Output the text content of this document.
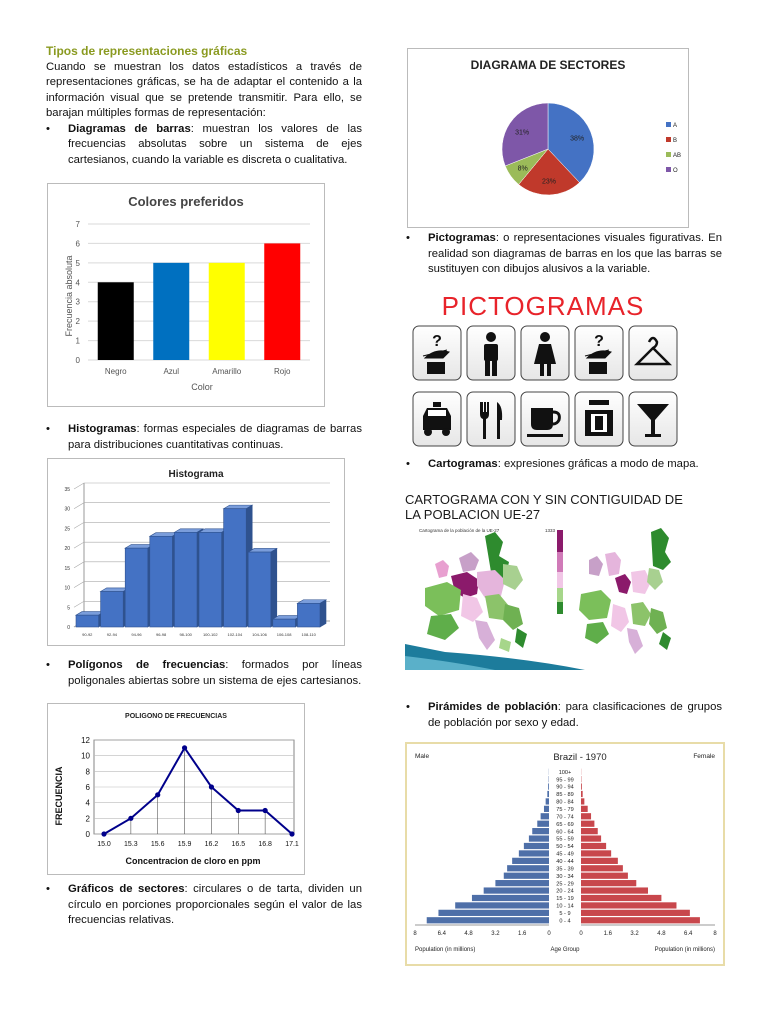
Tipos de representaciones gráficas
Cuando se muestran los datos estadísticos a través de representaciones gráficas, se ha de adaptar el contenido a la información visual que se pretende transmitir. Para ello, se barajan múltiples formas de representación:
•	Diagramas de barras: muestran los valores de las frecuencias absolutas sobre un sistema de ejes cartesianos, cuando la variable es discreta o cualitativa.
Colores preferidos
Negro	Azul	Amarillo	Rojo
0
1
2
3
4
5
6
7
Color
Frecuencia absoluta
•	Histogramas: formas especiales de diagramas de barras para distribuciones cuantitativas continuas.
Histograma
0
5
10
15
20
25
30
35
90-92	92-94	94-96	96-98	98-100	100-102 102-104 104-106 106-108	108-110
•	Polígonos de frecuencias: formados por líneas poligonales abiertas sobre un sistema de ejes cartesianos.
POLIGONO DE FRECUENCIAS
0
2
4
6
8
10
12
15.0 15.3 15.6 15.9 16.2 16.5 16.8 17.1
FRECUENCIA
Concentracion de cloro en ppm
•	Gráficos de sectores: circulares o de tarta, dividen un círculo en porciones proporcionales según el valor de las frecuencias relativas.
DIAGRAMA DE SECTORES
38%
23%
8%
31%
A
B
AB
O
•	Pictogramas: o representaciones visuales figurativas. En realidad son diagramas de barras en los que las barras se sustituyen con dibujos alusivos a la variable.
PICTOGRAMAS
?	?
•	Cartogramas: expresiones gráficas a modo de mapa.
CARTOGRAMA CON Y SIN CONTIGUIDAD DE
LA POBLACION UE-27
Cartograma de la población de la UE-27	1333
•	Pirámides de población: para clasificaciones de grupos de población por sexo y edad.
Male	Brazil - 1970	Female
0 - 4
5 - 9
10 - 14
15 - 19
20 - 24
25 - 29
30 - 34
35 - 39
40 - 44
45 - 49
50 - 54
55 - 59
60 - 64
65 - 69
70 - 74
75 - 79
80 - 84
85 - 89
90 - 94
95 - 99
100+
8	6.4	4.8	3.2	1.6	0	0	1.6	3.2	4.8	6.4	8
Population (in millions)	Age Group	Population (in millions)
